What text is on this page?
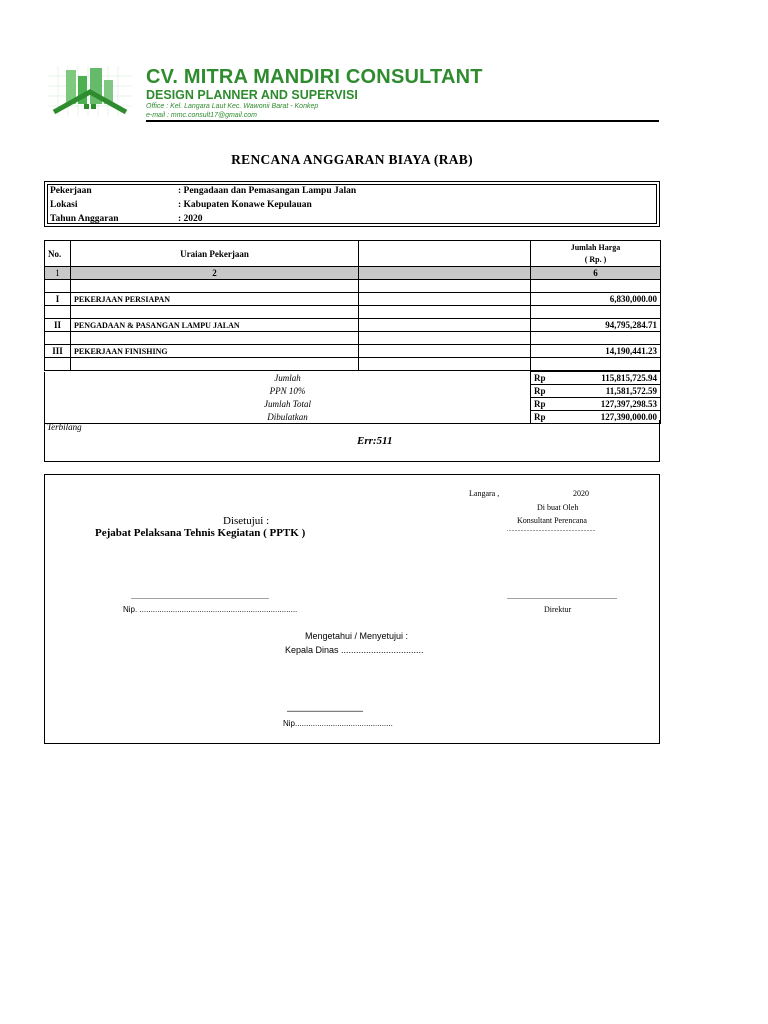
CV. MITRA MANDIRI CONSULTANT
DESIGN PLANNER AND SUPERVISI
Office : Kel. Langara Laut Kec. Wawonii Barat - Konkep
e-mail : mmc.consult17@gmail.com
RENCANA ANGGARAN BIAYA (RAB)
Pekerjaan	: Pengadaan dan Pemasangan Lampu Jalan
Lokasi	: Kabupaten Konawe Kepulauan
Tahun Anggaran	: 2020
No.	Uraian Pekerjaan		Jumlah Harga
( Rp. )

1	2		6

I	PEKERJAAN PERSIAPAN		6,830,000.00

II	PENGADAAN & PASANGAN LAMPU JALAN		94,795,284.71

III	PEKERJAAN FINISHING		14,190,441.23

Jumlah	Rp	115,815,725.94
PPN 10%	Rp	11,581,572.59
Jumlah Total	Rp	127,397,298.53
Dibulatkan	Rp	127,390,000.00
Terbilang
Err:511
Langara ,	2020
Di buat Oleh
Konsultant Perencana
...........................................................
Disetujui :
Pejabat Pelaksana Tehnis Kegiatan ( PPTK )
.....................................................................
Nip. .......................................................................
.......................................................
Direktur
Mengetahui / Menyetujui :
Kepala Dinas .................................
......................................
Nip............................................
